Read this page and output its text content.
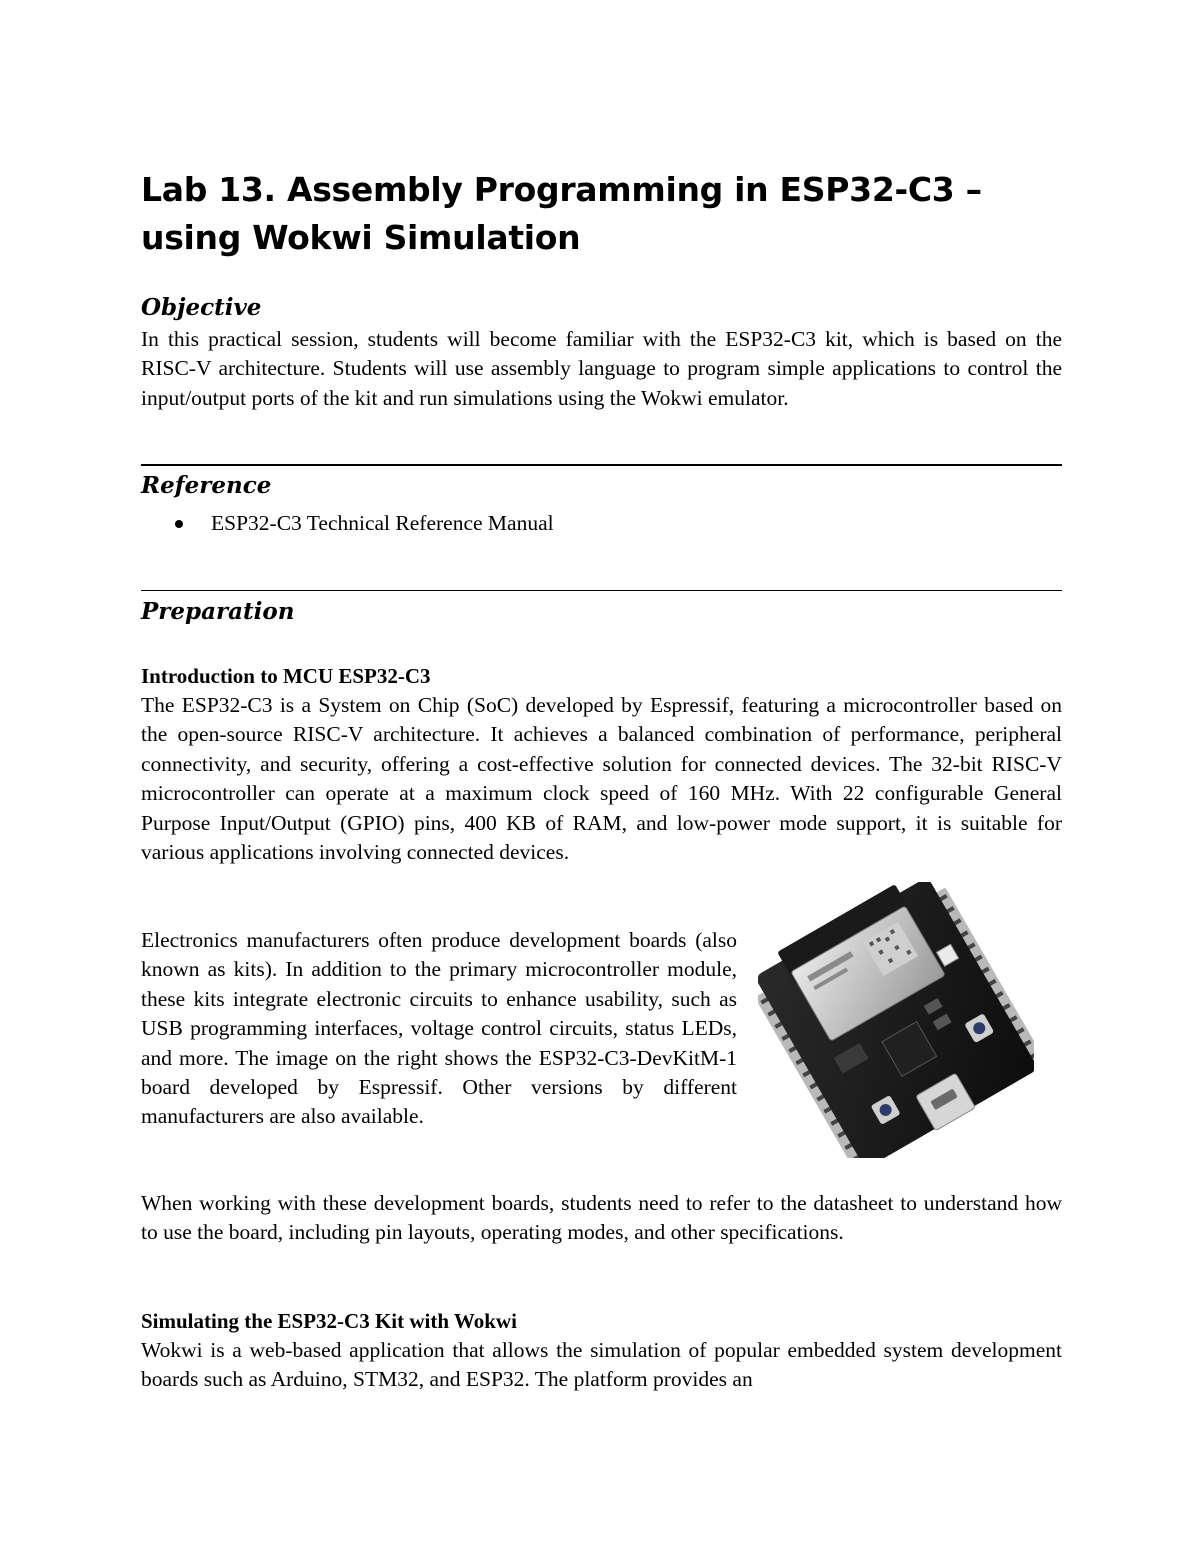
Lab 13. Assembly Programming in ESP32-C3 –
using Wokwi Simulation
Objective

In this practical session, students will become familiar with the ESP32-C3 kit, which is based on the RISC-V architecture. Students will use assembly language to program simple applications to control the input/output ports of the kit and run simulations using the Wokwi emulator.

Reference
ESP32-C3 Technical Reference Manual
Preparation
Introduction to MCU ESP32-C3

The ESP32-C3 is a System on Chip (SoC) developed by Espressif, featuring a microcontroller based on the open-source RISC-V architecture. It achieves a balanced combination of performance, peripheral connectivity, and security, offering a cost-effective solution for connected devices. The 32-bit RISC-V microcontroller can operate at a maximum clock speed of 160 MHz. With 22 configurable General Purpose Input/Output (GPIO) pins, 400 KB of RAM, and low-power mode support, it is suitable for various applications involving connected devices.

Electronics manufacturers often produce development boards (also known as kits). In addition to the primary microcontroller module, these kits integrate electronic circuits to enhance usability, such as USB programming interfaces, voltage control circuits, status LEDs, and more. The image on the right shows the ESP32-C3-DevKitM-1 board developed by Espressif. Other versions by different manufacturers are also available.

When working with these development boards, students need to refer to the datasheet to understand how to use the board, including pin layouts, operating modes, and other specifications.

Simulating the ESP32-C3 Kit with Wokwi

Wokwi is a web-based application that allows the simulation of popular embedded system development boards such as Arduino, STM32, and ESP32. The platform provides an
